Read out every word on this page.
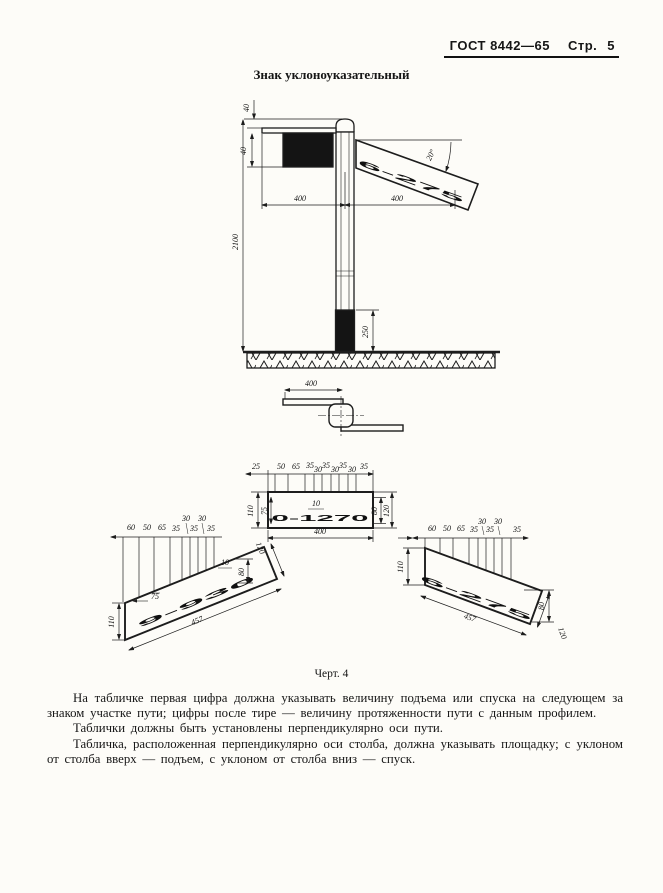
ГОСТ 8442—65 Стр. 5
Знак уклоноуказательный
6-275
20°
40
40
2100
400	400
250
400
0-1270
25 50 65 35 30 35 30 35 30 35
110 75
10
80 120
400
9-930
60 50 65 35
30
35
30
35
110
75
10
80
120
457
6-275
60 50 65 35
30
35
30
35
110
80
120
457
Черт. 4

На табличке первая цифра должна указывать величину подъема или спуска на следующем за знаком участке пути; цифры после тире — величину протяженности пути с данным профилем.

Таблички должны быть установлены перпендикулярно оси пути.

Табличка, расположенная перпендикулярно оси столба, должна указывать площадку; с уклоном от столба вверх — подъем, с уклоном от столба вниз — спуск.
